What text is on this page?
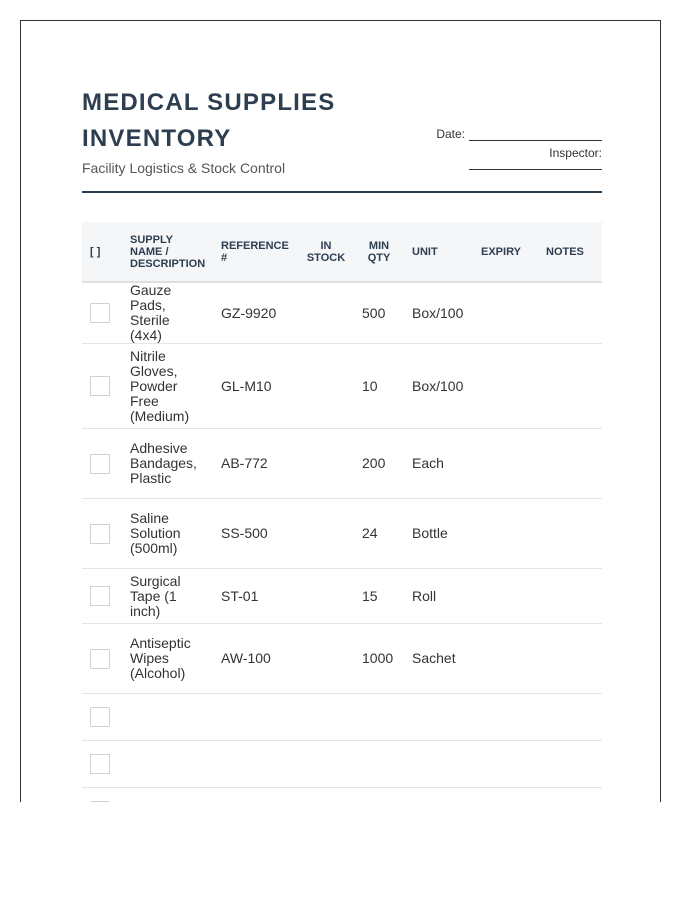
MEDICAL SUPPLIES INVENTORY
Facility Logistics & Stock Control
Date:
Inspector:
[ ]	SUPPLY NAME / DESCRIPTION	REFERENCE #	IN STOCK	MIN QTY	UNIT	EXPIRY	NOTES

	Gauze Pads, Sterile (4x4)	GZ-9920		500	Box/100		

	Nitrile Gloves, Powder Free (Medium)	GL-M10		10	Box/100		

	Adhesive Bandages, Plastic	AB-772		200	Each		

	Saline Solution (500ml)	SS-500		24	Bottle		

	Surgical Tape (1 inch)	ST-01		15	Roll		

	Antiseptic Wipes (Alcohol)	AW-100		1000	Sachet		
